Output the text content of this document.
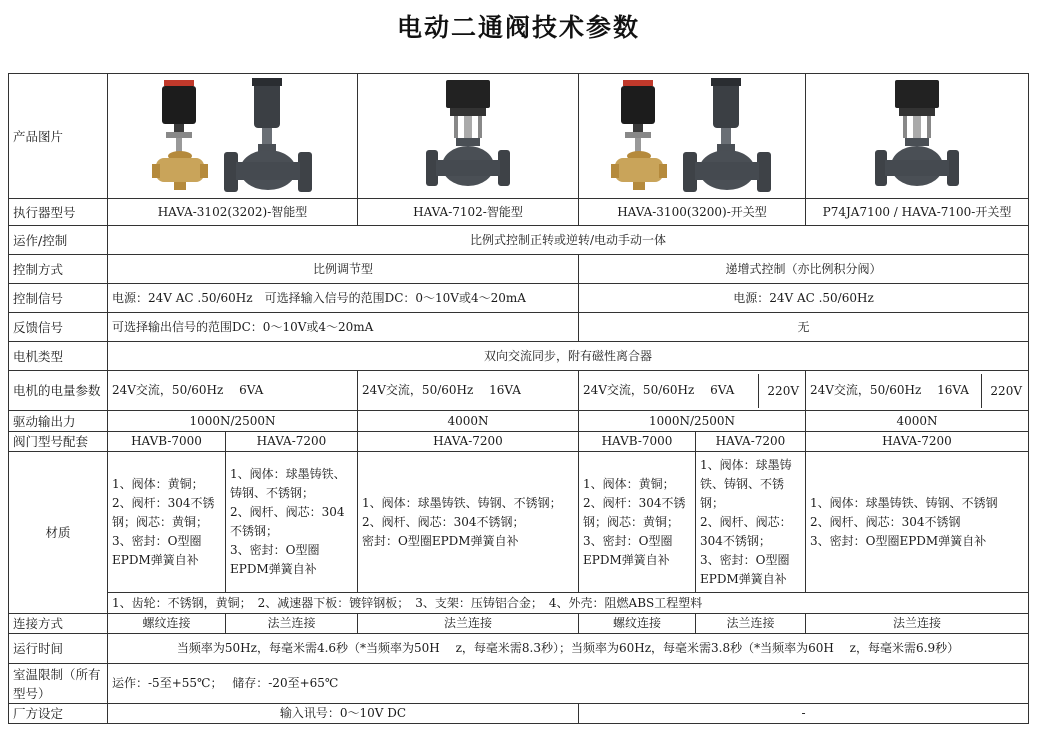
电动二通阀技术参数
产品图片	

执行器型号	HAVA-3102(3202)-智能型		HAVA-7102-智能型	HAVA-3100(3200)-开关型		P74JA7100 / HAVA-7100-开关型
运作/控制	比例式控制正转或逆转/电动手动一体					
控制方式	比例调节型			递增式控制（亦比例积分阀）		
控制信号	电源：24V AC .50/60Hz　可选择输入信号的范围DC：0～10V或4～20mA			电源：24V AC .50/60Hz		
反馈信号	可选择输出信号的范围DC：0～10V或4～20mA			无		
电机类型	双向交流同步，附有磁性离合器					
电机的电量参数	24V交流，50/60Hz　 6VA		24V交流，50/60Hz　 16VA	24V交流，50/60Hz　 6VA 220V		24V交流，50/60Hz　 16VA 220V

驱动输出力	1000N/2500N		4000N	1000N/2500N		4000N
阀门型号配套	HAVB-7000	HAVA-7200	HAVA-7200	HAVB-7000	HAVA-7200	HAVA-7200
材质	1、阀体：黄铜；
2、阀杆：304不锈钢；阀芯：黄铜；
3、密封：O型圈EPDM弹簧自补	1、阀体：球墨铸铁、铸钢、不锈钢；
2、阀杆、阀芯：304不锈钢；
3、密封：O型圈EPDM弹簧自补	1、阀体：球墨铸铁、铸钢、不锈钢；
2、阀杆、阀芯：304不锈钢；
密封：O型圈EPDM弹簧自补	1、阀体：黄铜；
2、阀杆：304不锈钢；阀芯：黄铜；
3、密封：O型圈EPDM弹簧自补	1、阀体：球墨铸铁、铸钢、不锈钢；
2、阀杆、阀芯：304不锈钢；
3、密封：O型圈EPDM弹簧自补	1、阀体：球墨铸铁、铸钢、不锈钢
2、阀杆、阀芯：304不锈钢
3、密封：O型圈EPDM弹簧自补
	1、齿轮：不锈钢，黄铜；　2、减速器下板：镀锌钢板；　3、支架：压铸铝合金；　4、外壳：阻燃ABS工程塑料					
连接方式	螺纹连接	法兰连接	法兰连接	螺纹连接	法兰连接	法兰连接
运行时间	当频率为50Hz，每毫米需4.6秒（*当频率为50H　 z，每毫米需8.3秒）；当频率为60Hz，每毫米需3.8秒（*当频率为60H　 z，每毫米需6.9秒）					
室温限制（所有型号）	运作：-5至+55℃；　 储存：-20至+65℃					
厂方设定	输入讯号：0～10V DC			-		
